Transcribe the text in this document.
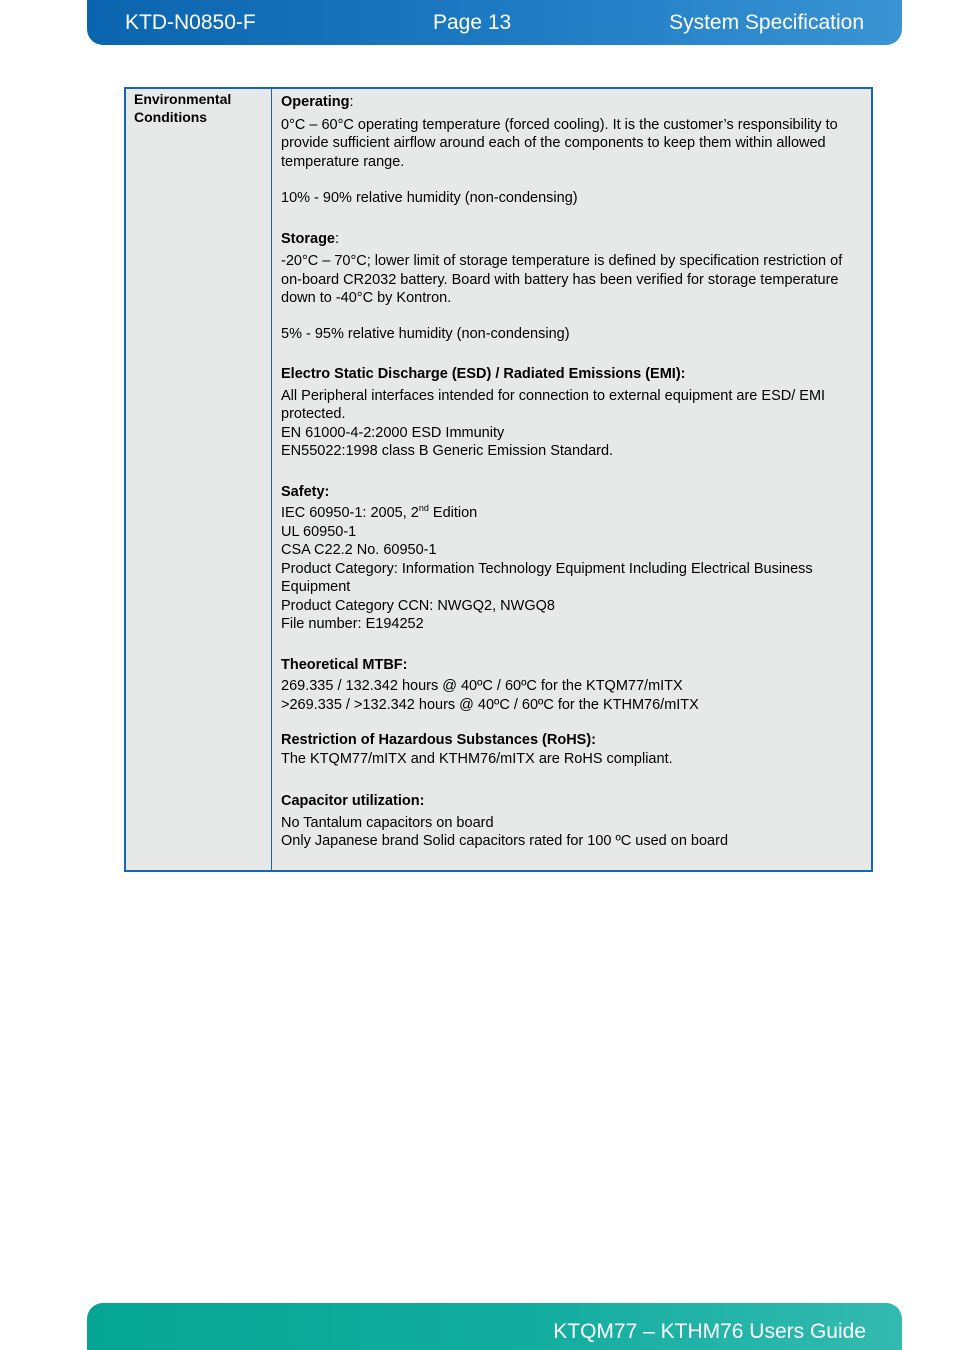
KTD-N0850-F	Page 13	System Specification
Environmental Conditions

Operating:

0°C – 60°C operating temperature (forced cooling). It is the customer’s responsibility to provide sufficient airflow around each of the components to keep them within allowed temperature range.

10% - 90% relative humidity (non-condensing)

Storage:

-20°C – 70°C; lower limit of storage temperature is defined by specification restriction of on-board CR2032 battery. Board with battery has been verified for storage temperature down to -40°C by Kontron.

5% - 95% relative humidity (non-condensing)

Electro Static Discharge (ESD) / Radiated Emissions (EMI):

All Peripheral interfaces intended for connection to external equipment are ESD/ EMI protected.

EN 61000-4-2:2000 ESD Immunity

EN55022:1998 class B Generic Emission Standard.

Safety:

IEC 60950-1: 2005, 2nd Edition

UL 60950-1

CSA C22.2 No. 60950-1

Product Category: Information Technology Equipment Including Electrical Business Equipment

Product Category CCN: NWGQ2, NWGQ8

File number: E194252

Theoretical MTBF:

269.335 / 132.342 hours @ 40ºC / 60ºC for the KTQM77/mITX

>269.335 / >132.342 hours @ 40ºC / 60ºC for the KTHM76/mITX

Restriction of Hazardous Substances (RoHS):

The KTQM77/mITX and KTHM76/mITX are RoHS compliant.

Capacitor utilization:

No Tantalum capacitors on board

Only Japanese brand Solid capacitors rated for 100 ºC used on board

KTQM77 – KTHM76 Users Guide
